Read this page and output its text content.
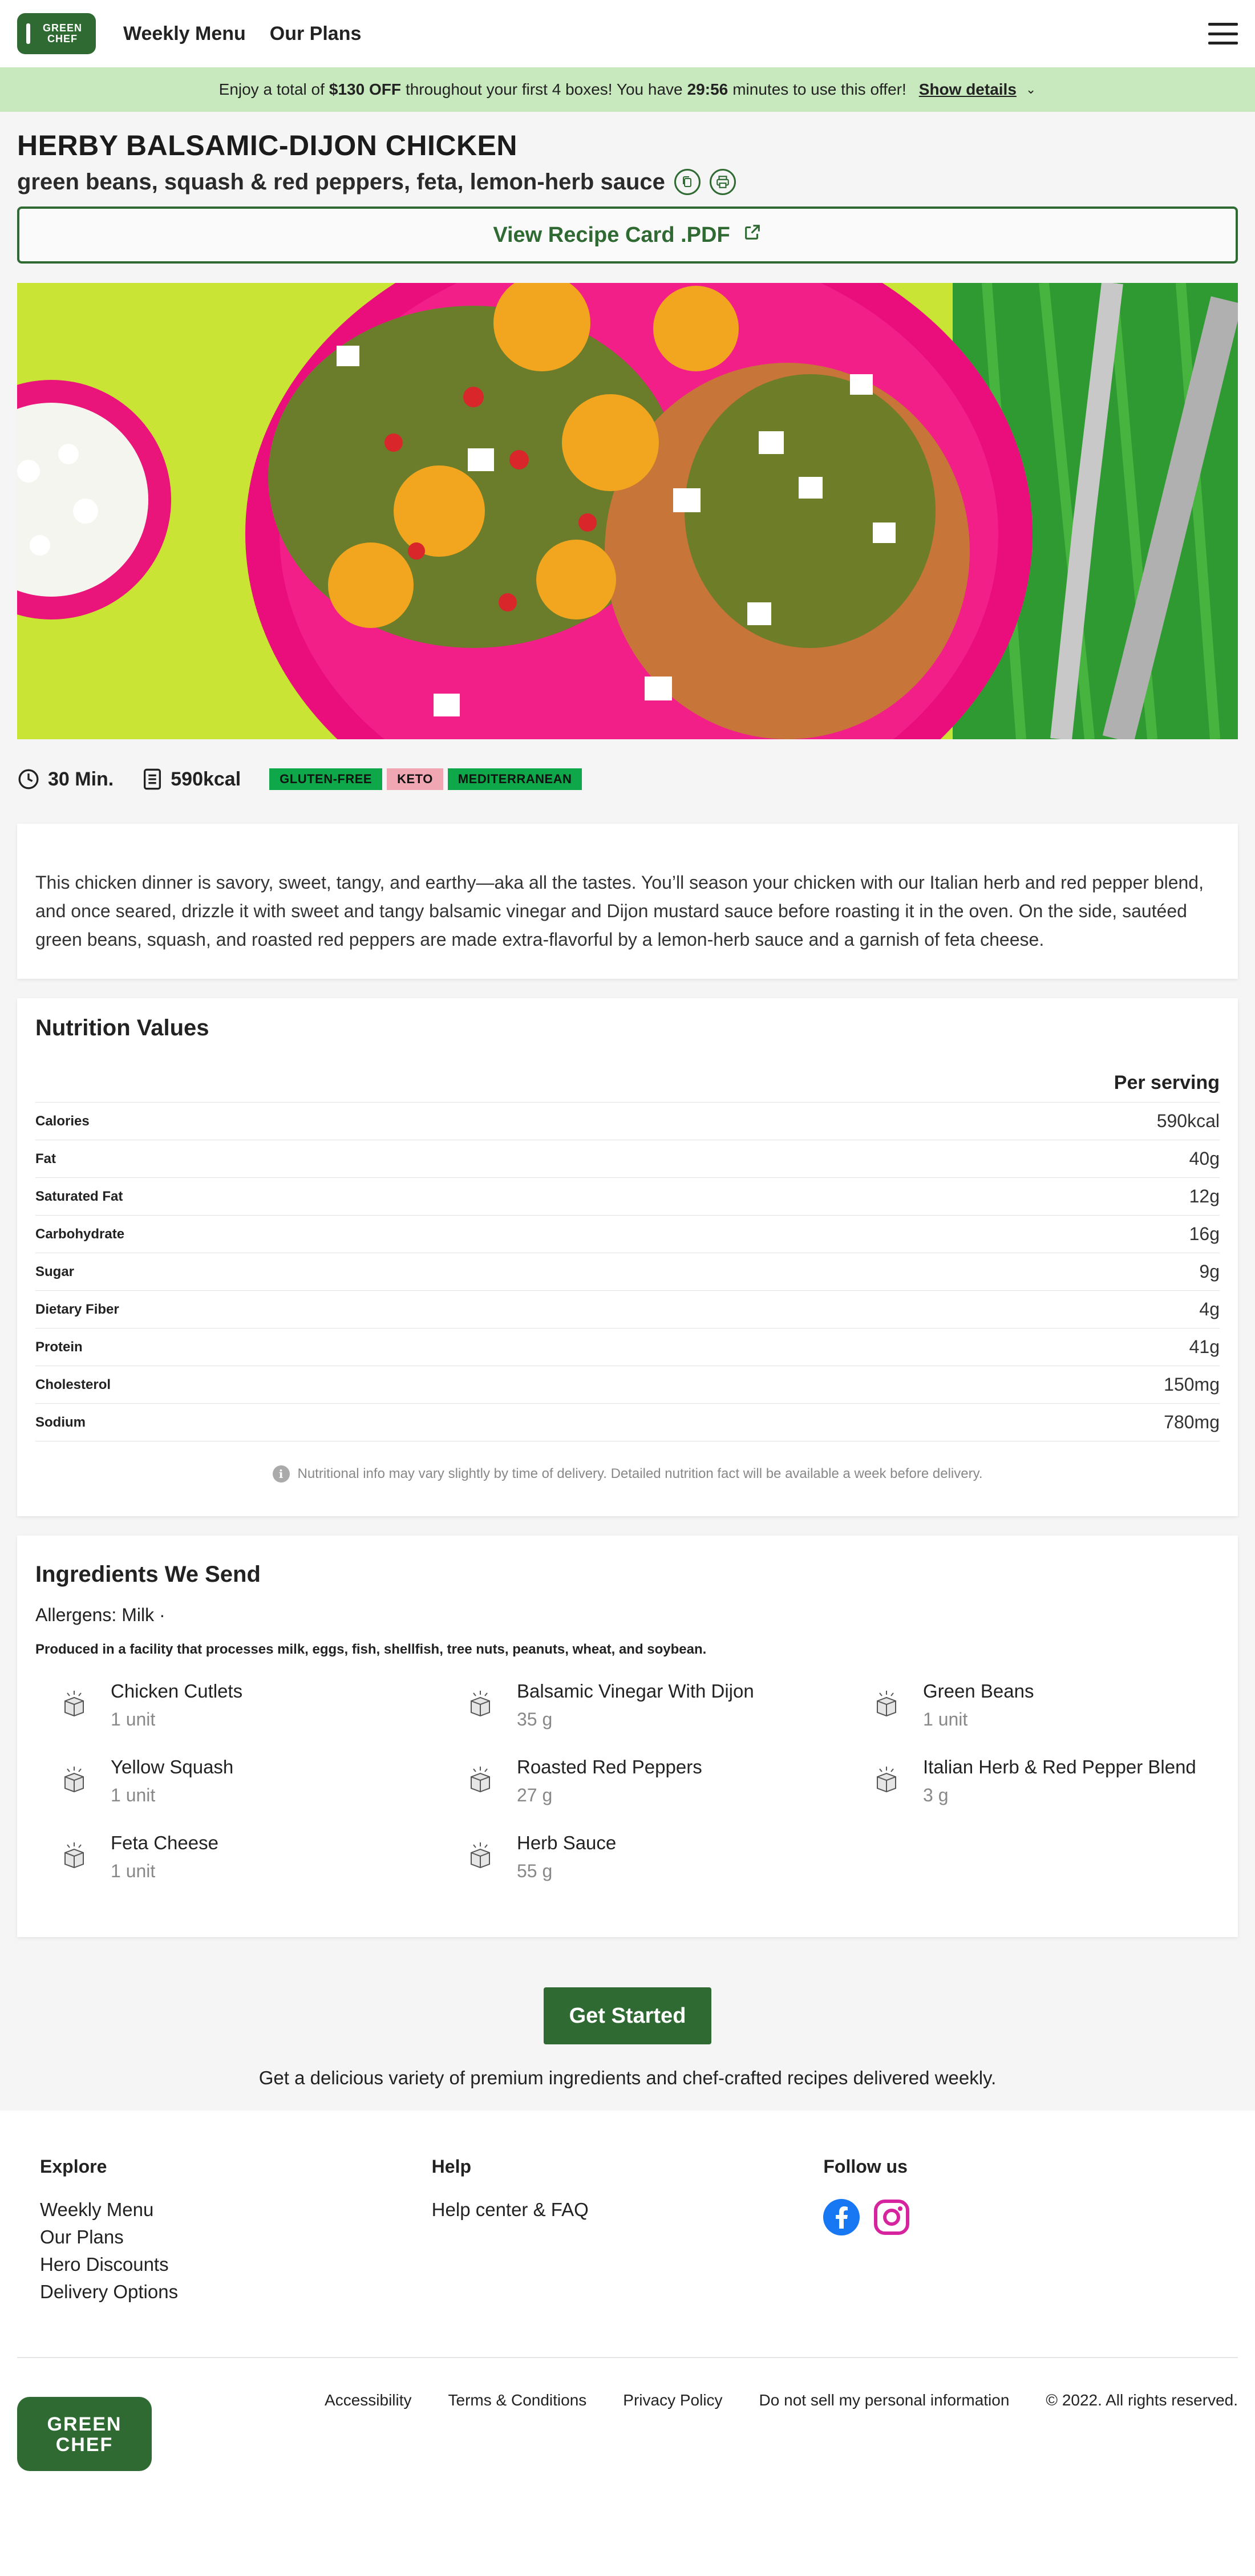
GREEN
CHEF Weekly Menu Our Plans
Enjoy a total of $130 OFF throughout your first 4 boxes! You have 29:56 minutes to use this offer! Show details ⌄
HERBY BALSAMIC-DIJON CHICKEN
green beans, squash & red peppers, feta, lemon-herb sauce
View Recipe Card .PDF
30 Min.	590kcal	GLUTEN-FREE	KETO	MEDITERRANEAN

This chicken dinner is savory, sweet, tangy, and earthy—aka all the tastes. You’ll season your chicken with our Italian herb and red pepper blend, and once seared, drizzle it with sweet and tangy balsamic vinegar and Dijon mustard sauce before roasting it in the oven. On the side, sautéed green beans, squash, and roasted red peppers are made extra-flavorful by a lemon-herb sauce and a garnish of feta cheese.

Nutrition Values
Per serving
Calories	590kcal
Fat	40g
Saturated Fat	12g
Carbohydrate	16g
Sugar	9g
Dietary Fiber	4g
Protein	41g
Cholesterol	150mg
Sodium	780mg
i	Nutritional info may vary slightly by time of delivery. Detailed nutrition fact will be available a week before delivery.
Ingredients We Send
Allergens: Milk ·
Produced in a facility that processes milk, eggs, fish, shellfish, tree nuts, peanuts, wheat, and soybean.
Chicken Cutlets
1 unit
Balsamic Vinegar With Dijon
35 g
Green Beans
1 unit
Yellow Squash
1 unit
Roasted Red Peppers
27 g
Italian Herb & Red Pepper Blend
3 g
Feta Cheese
1 unit
Herb Sauce
55 g
Get Started
Get a delicious variety of premium ingredients and chef-crafted recipes delivered weekly.
Explore
Weekly Menu
Our Plans
Hero Discounts
Delivery Options
Help
Help center & FAQ
Follow us
GREEN
CHEF
Accessibility Terms & Conditions Privacy Policy Do not sell my personal information © 2022. All rights reserved.
